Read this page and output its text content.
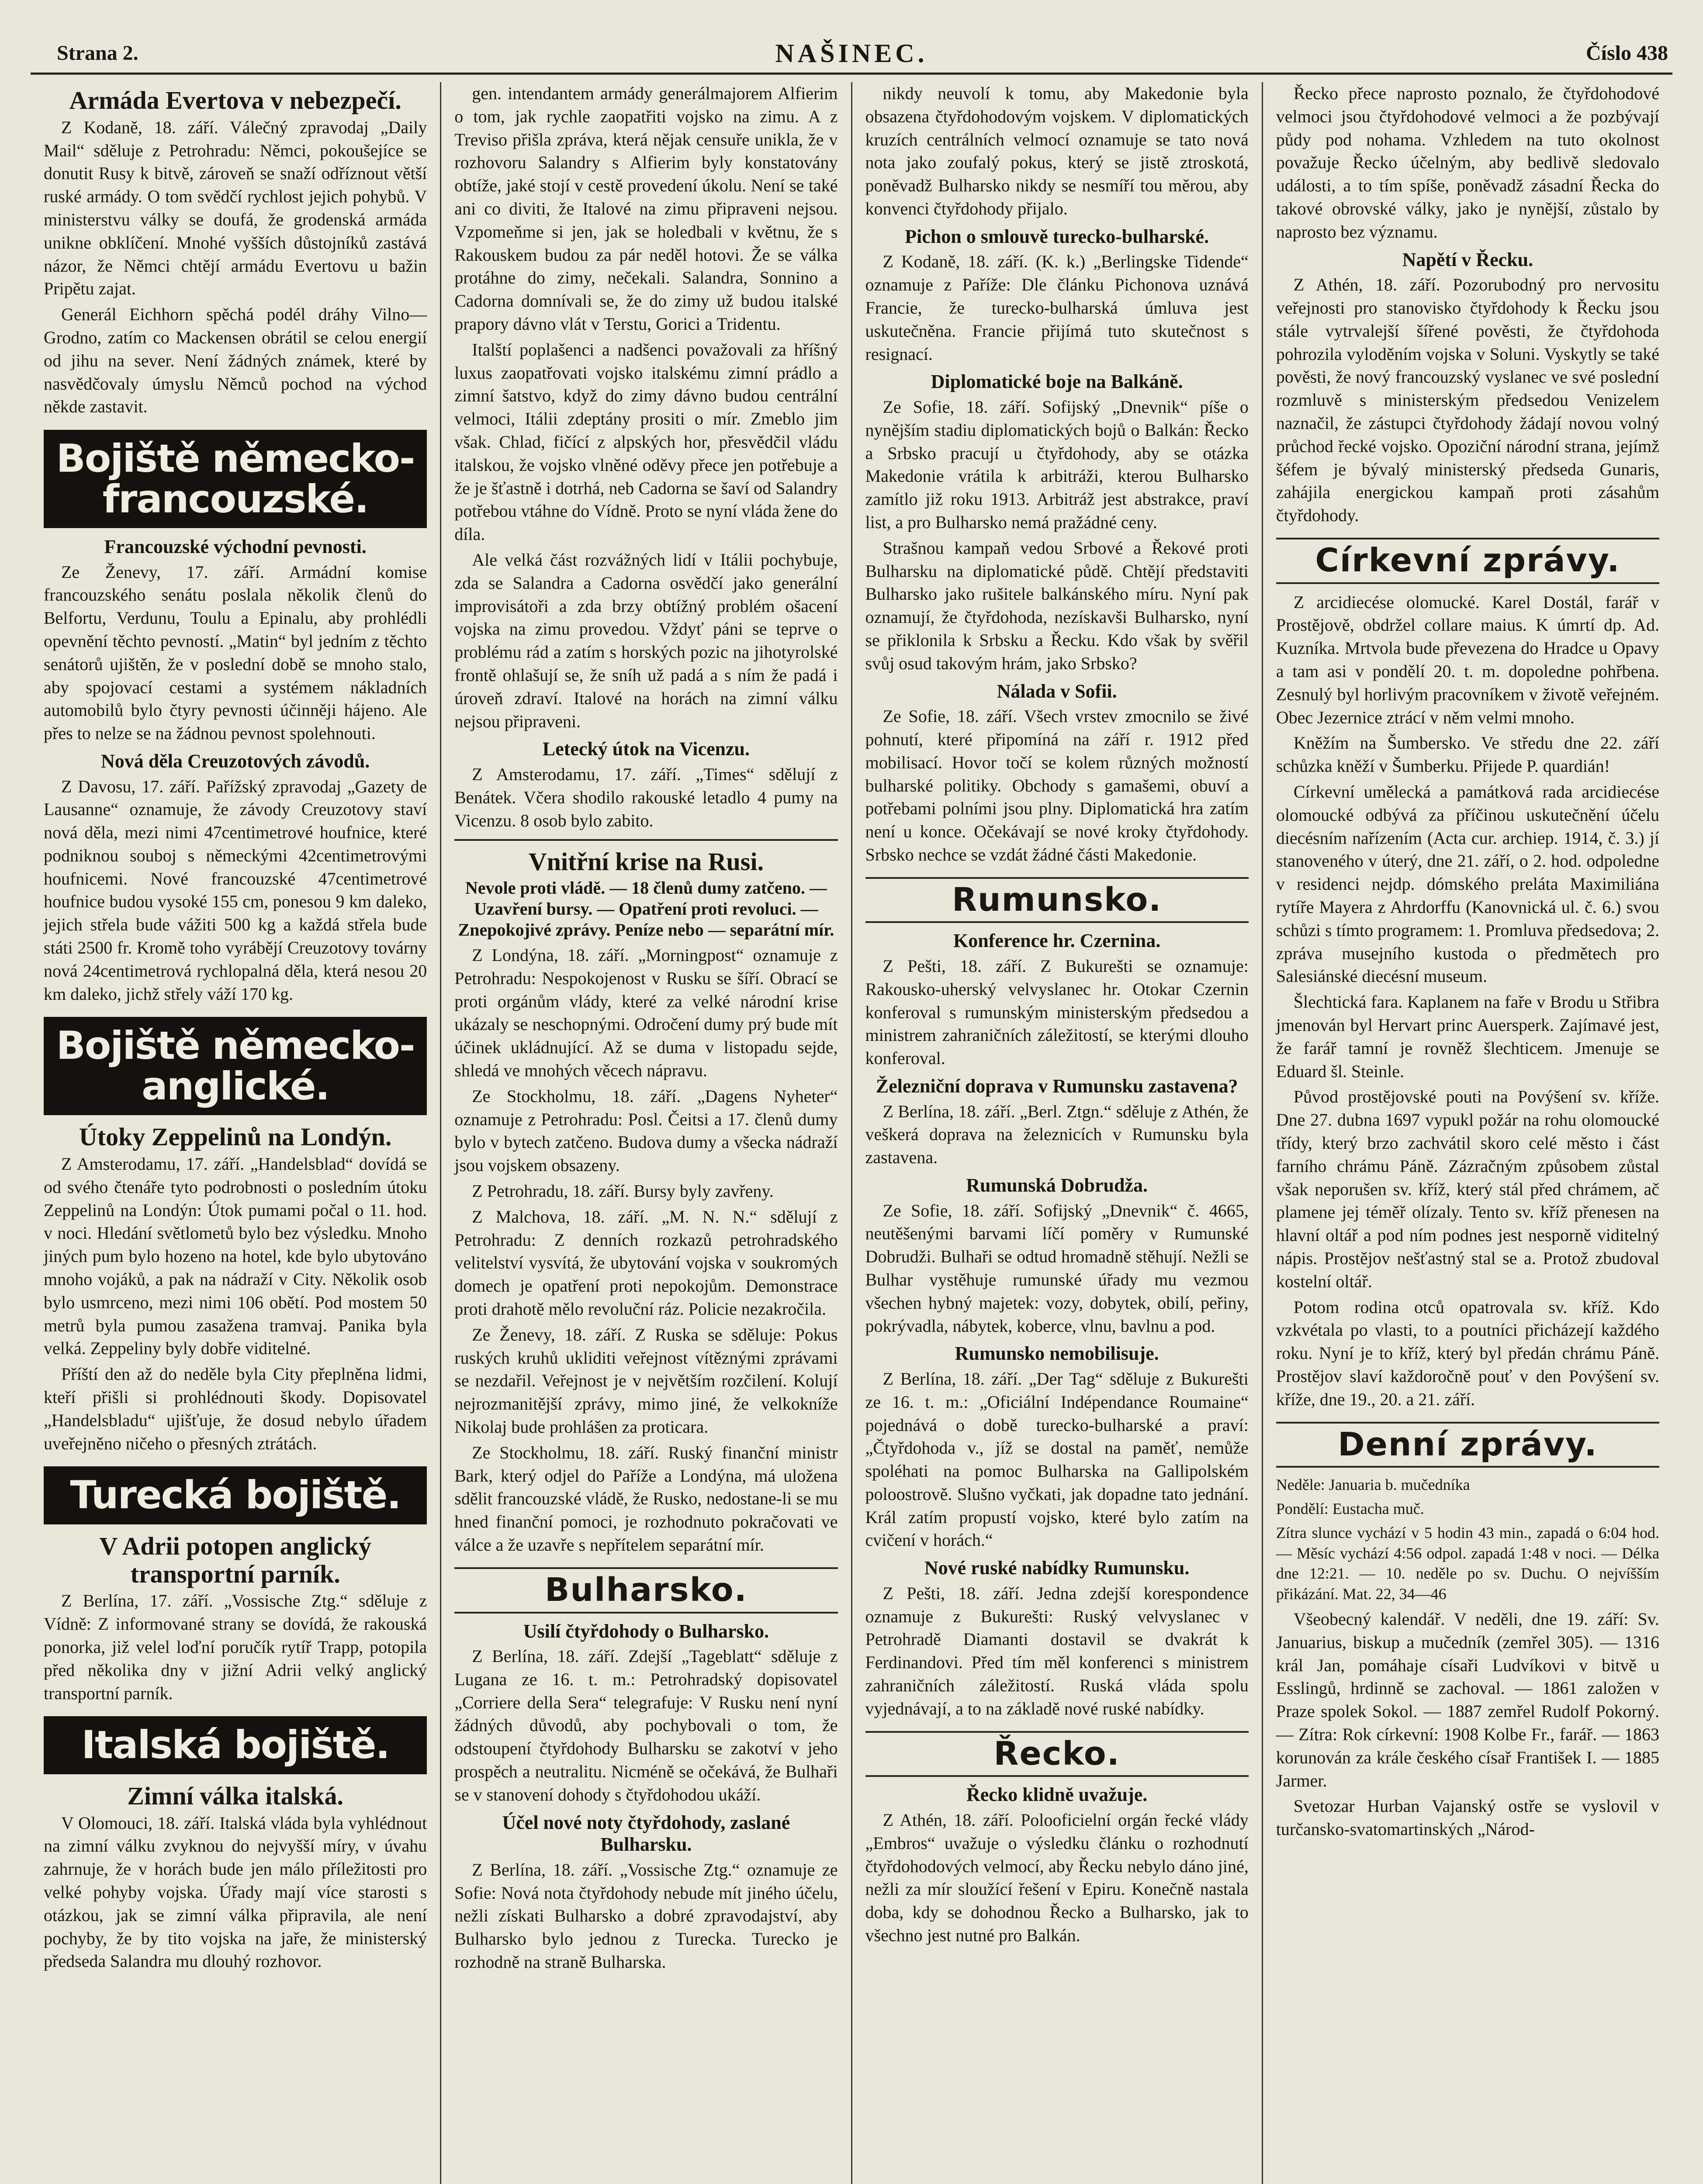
Strana 2.	NAŠINEC.	Číslo 438
Armáda Evertova v nebezpečí.

Z Kodaně, 18. září. Válečný zpravodaj „Daily Mail“ sděluje z Petrohradu: Němci, pokoušejíce se donutit Rusy k bitvě, zároveň se snaží odříznout větší ruské armády. O tom svědčí rychlost jejich pohybů. V ministerstvu války se doufá, že grodenská armáda unikne obklíčení. Mnohé vyšších důstojníků zastává názor, že Němci chtějí armádu Evertovu u bažin Pripětu zajat.

Generál Eichhorn spěchá podél dráhy Vilno—Grodno, zatím co Mackensen obrátil se celou energií od jihu na sever. Není žádných známek, které by nasvědčovaly úmyslu Němců pochod na východ někde zastavit.

Bojiště německo-francouzské.
Francouzské východní pevnosti.

Ze Ženevy, 17. září. Armádní komise francouzského senátu poslala několik členů do Belfortu, Verdunu, Toulu a Epinalu, aby prohlédli opevnění těchto pevností. „Matin“ byl jedním z těchto senátorů ujištěn, že v poslední době se mnoho stalo, aby spojovací cestami a systémem nákladních automobilů bylo čtyry pevnosti účinněji hájeno. Ale přes to nelze se na žádnou pevnost spolehnouti.

Nová děla Creuzotových závodů.

Z Davosu, 17. září. Pařížský zpravodaj „Gazety de Lausanne“ oznamuje, že závody Creuzotovy staví nová děla, mezi nimi 47centimetrové houfnice, které podniknou souboj s německými 42centimetrovými houfnicemi. Nové francouzské 47centimetrové houfnice budou vysoké 155 cm, ponesou 9 km daleko, jejich střela bude vážiti 500 kg a každá střela bude státi 2500 fr. Kromě toho vyrábějí Creuzotovy továrny nová 24centimetrová rychlopalná děla, která nesou 20 km daleko, jichž střely váží 170 kg.

Bojiště německo-anglické.
Útoky Zeppelinů na Londýn.

Z Amsterodamu, 17. září. „Handelsblad“ dovídá se od svého čtenáře tyto podrobnosti o posledním útoku Zeppelinů na Londýn: Útok pumami počal o 11. hod. v noci. Hledání světlometů bylo bez výsledku. Mnoho jiných pum bylo hozeno na hotel, kde bylo ubytováno mnoho vojáků, a pak na nádraží v City. Několik osob bylo usmrceno, mezi nimi 106 obětí. Pod mostem 50 metrů byla pumou zasažena tramvaj. Panika byla velká. Zeppeliny byly dobře viditelné.

Příští den až do neděle byla City přeplněna lidmi, kteří přišli si prohlédnouti škody. Dopisovatel „Handelsbladu“ ujišťuje, že dosud nebylo úřadem uveřejněno ničeho o přesných ztrátách.

Turecká bojiště.
V Adrii potopen anglický transportní parník.

Z Berlína, 17. září. „Vossische Ztg.“ sděluje z Vídně: Z informované strany se dovídá, že rakouská ponorka, již velel loďní poručík rytíř Trapp, potopila před několika dny v jižní Adrii velký anglický transportní parník.

Italská bojiště.
Zimní válka italská.

V Olomouci, 18. září. Italská vláda byla vyhlédnout na zimní válku zvyknou do nejvyšší míry, v úvahu zahrnuje, že v horách bude jen málo příležitosti pro velké pohyby vojska. Úřady mají více starosti s otázkou, jak se zimní válka připravila, ale není pochyby, že by tito vojska na jaře, že ministerský předseda Salandra mu dlouhý rozhovor.

gen. intendantem armády generálmajorem Alfierim o tom, jak rychle zaopatřiti vojsko na zimu. A z Treviso přišla zpráva, která nějak censuře unikla, že v rozhovoru Salandry s Alfierim byly konstatovány obtíže, jaké stojí v cestě provedení úkolu. Není se také ani co diviti, že Italové na zimu připraveni nejsou. Vzpomeňme si jen, jak se holedbali v květnu, že s Rakouskem budou za pár neděl hotovi. Že se válka protáhne do zimy, nečekali. Salandra, Sonnino a Cadorna domnívali se, že do zimy už budou italské prapory dávno vlát v Terstu, Gorici a Tridentu.

Italští poplašenci a nadšenci považovali za hříšný luxus zaopatřovati vojsko italskému zimní prádlo a zimní šatstvo, když do zimy dávno budou centrální velmoci, Itálii zdeptány prositi o mír. Zmeblo jim však. Chlad, fičící z alpských hor, přesvědčil vládu italskou, že vojsko vlněné oděvy přece jen potřebuje a že je šťastně i dotrhá, neb Cadorna se šaví od Salandry potřebou vtáhne do Vídně. Proto se nyní vláda žene do díla.

Ale velká část rozvážných lidí v Itálii pochybuje, zda se Salandra a Cadorna osvědčí jako generální improvisátoři a zda brzy obtížný problém ošacení vojska na zimu provedou. Vždyť páni se teprve o problému rád a zatím s horských pozic na jihotyrolské frontě ohlašují se, že sníh už padá a s ním že padá i úroveň zdraví. Italové na horách na zimní válku nejsou připraveni.

Letecký útok na Vicenzu.

Z Amsterodamu, 17. září. „Times“ sdělují z Benátek. Včera shodilo rakouské letadlo 4 pumy na Vicenzu. 8 osob bylo zabito.

Vnitřní krise na Rusi.
Nevole proti vládě. — 18 členů dumy zatčeno. — Uzavření bursy. — Opatření proti revoluci. — Znepokojivé zprávy. Peníze nebo — separátní mír.

Z Londýna, 18. září. „Morningpost“ oznamuje z Petrohradu: Nespokojenost v Rusku se šíří. Obrací se proti orgánům vlády, které za velké národní krise ukázaly se neschopnými. Odročení dumy prý bude mít účinek ukládnující. Až se duma v listopadu sejde, shledá ve mnohých věcech nápravu.

Ze Stockholmu, 18. září. „Dagens Nyheter“ oznamuje z Petrohradu: Posl. Čeitsi a 17. členů dumy bylo v bytech zatčeno. Budova dumy a všecka nádraží jsou vojskem obsazeny.

Z Petrohradu, 18. září. Bursy byly zavřeny.

Z Malchova, 18. září. „M. N. N.“ sdělují z Petrohradu: Z denních rozkazů petrohradského velitelství vysvítá, že ubytování vojska v soukromých domech je opatření proti nepokojům. Demonstrace proti drahotě mělo revoluční ráz. Policie nezakročila.

Ze Ženevy, 18. září. Z Ruska se sděluje: Pokus ruských kruhů ukliditi veřejnost vítěznými zprávami se nezdařil. Veřejnost je v největším rozčilení. Kolují nejrozmanitější zprávy, mimo jiné, že velkokníže Nikolaj bude prohlášen za proticara.

Ze Stockholmu, 18. září. Ruský finanční ministr Bark, který odjel do Paříže a Londýna, má uložena sdělit francouzské vládě, že Rusko, nedostane-li se mu hned finanční pomoci, je rozhodnuto pokračovati ve válce a že uzavře s nepřítelem separátní mír.

Bulharsko.
Usilí čtyřdohody o Bulharsko.

Z Berlína, 18. září. Zdejší „Tageblatt“ sděluje z Lugana ze 16. t. m.: Petrohradský dopisovatel „Corriere della Sera“ telegrafuje: V Rusku není nyní žádných důvodů, aby pochybovali o tom, že odstoupení čtyřdohody Bulharsku se zakotví v jeho prospěch a neutralitu. Nicméně se očekává, že Bulhaři se v stanovení dohody s čtyřdohodou ukáží.

Účel nové noty čtyřdohody, zaslané Bulharsku.

Z Berlína, 18. září. „Vossische Ztg.“ oznamuje ze Sofie: Nová nota čtyřdohody nebude mít jiného účelu, nežli získati Bulharsko a dobré zpravodajství, aby Bulharsko bylo jednou z Turecka. Turecko je rozhodně na straně Bulharska.

nikdy neuvolí k tomu, aby Makedonie byla obsazena čtyřdohodovým vojskem. V diplomatických kruzích centrálních velmocí oznamuje se tato nová nota jako zoufalý pokus, který se jistě ztroskotá, poněvadž Bulharsko nikdy se nesmíří tou měrou, aby konvenci čtyřdohody přijalo.

Pichon o smlouvě turecko-bulharské.

Z Kodaně, 18. září. (K. k.) „Berlingske Tidende“ oznamuje z Paříže: Dle článku Pichonova uznává Francie, že turecko-bulharská úmluva jest uskutečněna. Francie přijímá tuto skutečnost s resignací.

Diplomatické boje na Balkáně.

Ze Sofie, 18. září. Sofijský „Dnevnik“ píše o nynějším stadiu diplomatických bojů o Balkán: Řecko a Srbsko pracují u čtyřdohody, aby se otázka Makedonie vrátila k arbitráži, kterou Bulharsko zamítlo již roku 1913. Arbitráž jest abstrakce, praví list, a pro Bulharsko nemá pražádné ceny.

Strašnou kampaň vedou Srbové a Řekové proti Bulharsku na diplomatické půdě. Chtějí představiti Bulharsko jako rušitele balkánského míru. Nyní pak oznamují, že čtyřdohoda, nezískavši Bulharsko, nyní se přiklonila k Srbsku a Řecku. Kdo však by svěřil svůj osud takovým hrám, jako Srbsko?

Nálada v Sofii.

Ze Sofie, 18. září. Všech vrstev zmocnilo se živé pohnutí, které připomíná na září r. 1912 před mobilisací. Hovor točí se kolem různých možností bulharské politiky. Obchody s gamašemi, obuví a potřebami polními jsou plny. Diplomatická hra zatím není u konce. Očekávají se nové kroky čtyřdohody. Srbsko nechce se vzdát žádné části Makedonie.

Rumunsko.
Konference hr. Czernina.

Z Pešti, 18. září. Z Bukurešti se oznamuje: Rakousko-uherský velvyslanec hr. Otokar Czernin konferoval s rumunským ministerským předsedou a ministrem zahraničních záležitostí, se kterými dlouho konferoval.

Železniční doprava v Rumunsku zastavena?

Z Berlína, 18. září. „Berl. Ztgn.“ sděluje z Athén, že veškerá doprava na železnicích v Rumunsku byla zastavena.

Rumunská Dobrudža.

Ze Sofie, 18. září. Sofijský „Dnevnik“ č. 4665, neutěšenými barvami líčí poměry v Rumunské Dobrudži. Bulhaři se odtud hromadně stěhují. Nežli se Bulhar vystěhuje rumunské úřady mu vezmou všechen hybný majetek: vozy, dobytek, obilí, peřiny, pokrývadla, nábytek, koberce, vlnu, bavlnu a pod.

Rumunsko nemobilisuje.

Z Berlína, 18. září. „Der Tag“ sděluje z Bukurešti ze 16. t. m.: „Oficiální Indépendance Roumaine“ pojednává o době turecko-bulharské a praví: „Čtyřdohoda v., jíž se dostal na paměť, nemůže spoléhati na pomoc Bulharska na Gallipolském poloostrově. Slušno vyčkati, jak dopadne tato jednání. Král zatím propustí vojsko, které bylo zatím na cvičení v horách.“

Nové ruské nabídky Rumunsku.

Z Pešti, 18. září. Jedna zdejší korespondence oznamuje z Bukurešti: Ruský velvyslanec v Petrohradě Diamanti dostavil se dvakrát k Ferdinandovi. Před tím měl konferenci s ministrem zahraničních záležitostí. Ruská vláda spolu vyjednávají, a to na základě nové ruské nabídky.

Řecko.
Řecko klidně uvažuje.

Z Athén, 18. září. Polooficielní orgán řecké vlády „Embros“ uvažuje o výsledku článku o rozhodnutí čtyřdohodových velmocí, aby Řecku nebylo dáno jiné, nežli za mír sloužící řešení v Epiru. Konečně nastala doba, kdy se dohodnou Řecko a Bulharsko, jak to všechno jest nutné pro Balkán.

Řecko přece naprosto poznalo, že čtyřdohodové velmoci jsou čtyřdohodové velmoci a že pozbývají půdy pod nohama. Vzhledem na tuto okolnost považuje Řecko účelným, aby bedlivě sledovalo události, a to tím spíše, poněvadž zásadní Řecka do takové obrovské války, jako je nynější, zůstalo by naprosto bez významu.

Napětí v Řecku.

Z Athén, 18. září. Pozorubodný pro nervositu veřejnosti pro stanovisko čtyřdohody k Řecku jsou stále vytrvalejší šířené pověsti, že čtyřdohoda pohrozila vyloděním vojska v Soluni. Vyskytly se také pověsti, že nový francouzský vyslanec ve své poslední rozmluvě s ministerským předsedou Venizelem naznačil, že zástupci čtyřdohody žádají novou volný průchod řecké vojsko. Opoziční národní strana, jejímž šéfem je bývalý ministerský předseda Gunaris, zahájila energickou kampaň proti zásahům čtyřdohody.

Církevní zprávy.

Z arcidiecése olomucké. Karel Dostál, farář v Prostějově, obdržel collare maius. K úmrtí dp. Ad. Kuzníka. Mrtvola bude převezena do Hradce u Opavy a tam asi v pondělí 20. t. m. dopoledne pohřbena. Zesnulý byl horlivým pracovníkem v životě veřejném. Obec Jezernice ztrácí v něm velmi mnoho.

Kněžím na Šumbersko. Ve středu dne 22. září schůzka kněží v Šumberku. Přijede P. quardián!

Církevní umělecká a památková rada arcidiecése olomoucké odbývá za příčinou uskutečnění účelu diecésním nařízením (Acta cur. archiep. 1914, č. 3.) jí stanoveného v úterý, dne 21. září, o 2. hod. odpoledne v residenci nejdp. dómského preláta Maximiliána rytíře Mayera z Ahrdorffu (Kanovnická ul. č. 6.) svou schůzi s tímto programem: 1. Promluva předsedova; 2. zpráva musejního kustoda o předmětech pro Salesiánské diecésní museum.

Šlechtická fara. Kaplanem na faře v Brodu u Střibra jmenován byl Hervart princ Auersperk. Zajímavé jest, že farář tamní je rovněž šlechticem. Jmenuje se Eduard šl. Steinle.

Původ prostějovské pouti na Povýšení sv. kříže. Dne 27. dubna 1697 vypukl požár na rohu olomoucké třídy, který brzo zachvátil skoro celé město i část farního chrámu Páně. Zázračným způsobem zůstal však neporušen sv. kříž, který stál před chrámem, ač plamene jej téměř olízaly. Tento sv. kříž přenesen na hlavní oltář a pod ním podnes jest nesporně viditelný nápis. Prostějov nešťastný stal se a. Protož zbudoval kostelní oltář.

Potom rodina otců opatrovala sv. kříž. Kdo vzkvétala po vlasti, to a poutníci přicházejí každého roku. Nyní je to kříž, který byl předán chrámu Páně. Prostějov slaví každoročně pouť v den Povýšení sv. kříže, dne 19., 20. a 21. září.

Denní zprávy.
Neděle: Januaria b. mučedníka
Pondělí: Eustacha muč.
Zítra slunce vychází v 5 hodin 43 min., zapadá o 6:04 hod. — Měsíc vychází 4:56 odpol. zapadá 1:48 v noci. — Délka dne 12:21. — 10. neděle po sv. Duchu. O nejvíšším přikázání. Mat. 22, 34—46

Všeobecný kalendář. V neděli, dne 19. září: Sv. Januarius, biskup a mučedník (zemřel 305). — 1316 král Jan, pomáhaje císaři Ludvíkovi v bitvě u Esslingů, hrdinně se zachoval. — 1861 založen v Praze spolek Sokol. — 1887 zemřel Rudolf Pokorný. — Zítra: Rok církevní: 1908 Kolbe Fr., farář. — 1863 korunován za krále českého císař František I. — 1885 Jarmer.

Svetozar Hurban Vajanský ostře se vyslovil v turčansko-svatomartinských „Národ-
